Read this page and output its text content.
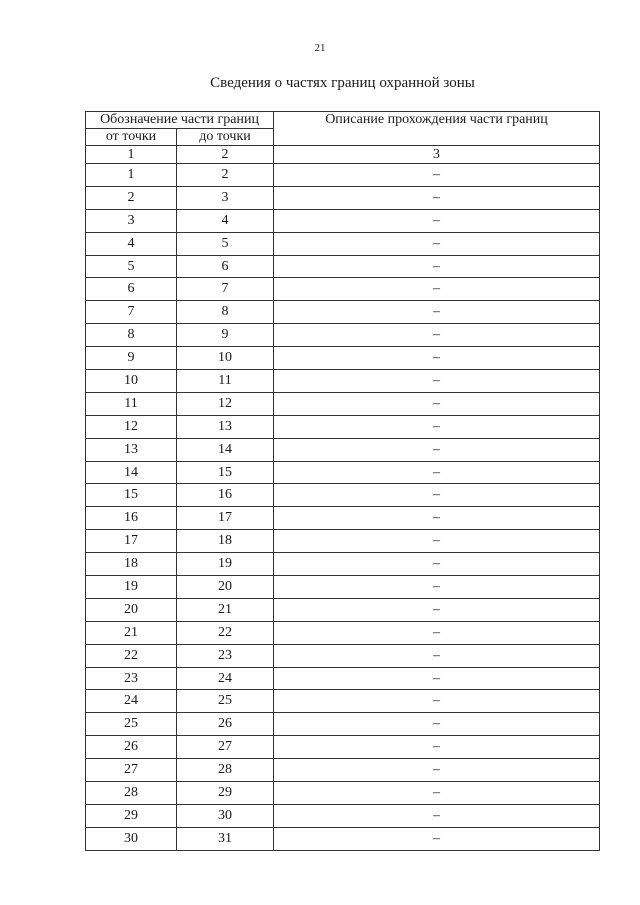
21
Сведения о частях границ охранной зоны
Обозначение части границ		Описание прохождения части границ
от точки	до точки	
1	2	3
1	2	–
2	3	–
3	4	–
4	5	–
5	6	–
6	7	–
7	8	–
8	9	–
9	10	–
10	11	–
11	12	–
12	13	–
13	14	–
14	15	–
15	16	–
16	17	–
17	18	–
18	19	–
19	20	–
20	21	–
21	22	–
22	23	–
23	24	–
24	25	–
25	26	–
26	27	–
27	28	–
28	29	–
29	30	–
30	31	–
